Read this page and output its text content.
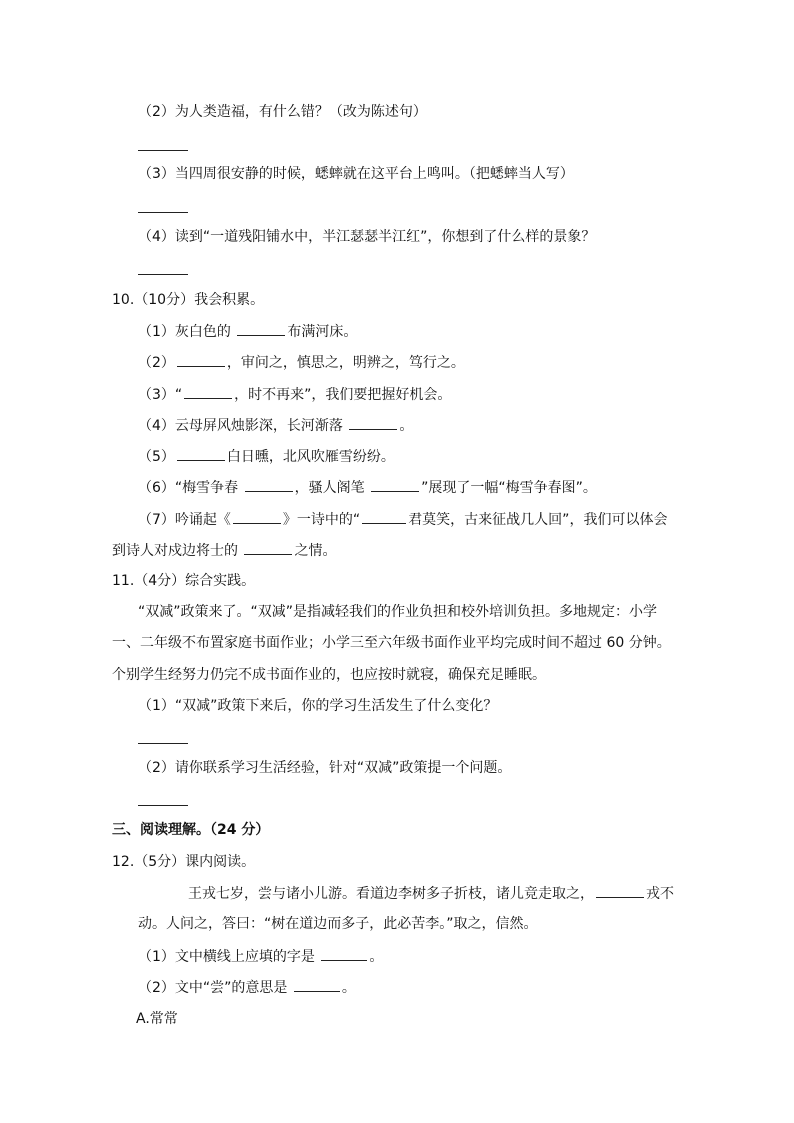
（2）为人类造福，有什么错？（改为陈述句）
（3）当四周很安静的时候，蟋蟀就在这平台上鸣叫。（把蟋蟀当人写）
（4）读到“一道残阳铺水中，半江瑟瑟半江红”，你想到了什么样的景象？
10.（10分）我会积累。
（1）灰白色的	布满河床。
（2）	，审问之，慎思之，明辨之，笃行之。
（3）“	，时不再来”，我们要把握好机会。
（4）云母屏风烛影深，长河渐落	。
（5）	白日曛，北风吹雁雪纷纷。
（6）“梅雪争春	，骚人阁笔	”展现了一幅“梅雪争春图”。
（7）吟诵起《	》一诗中的“	君莫笑，古来征战几人回”，我们可以体会
到诗人对戍边将士的	之情。
11.（4分）综合实践。
“双减”政策来了。“双减”是指减轻我们的作业负担和校外培训负担。多地规定：小学
一、二年级不布置家庭书面作业；小学三至六年级书面作业平均完成时间不超过 60 分钟。
个别学生经努力仍完不成书面作业的，也应按时就寝，确保充足睡眠。
（1）“双减”政策下来后，你的学习生活发生了什么变化？
（2）请你联系学习生活经验，针对“双减”政策提一个问题。
三、阅读理解。（24 分）
12.（5分）课内阅读。
王戎七岁，尝与诸小儿游。看道边李树多子折枝，诸儿竞走取之，	戎不
动。人问之，答曰：“树在道边而多子，此必苦李。”取之，信然。
（1）文中横线上应填的字是	。
（2）文中“尝”的意思是	。
A.常常
